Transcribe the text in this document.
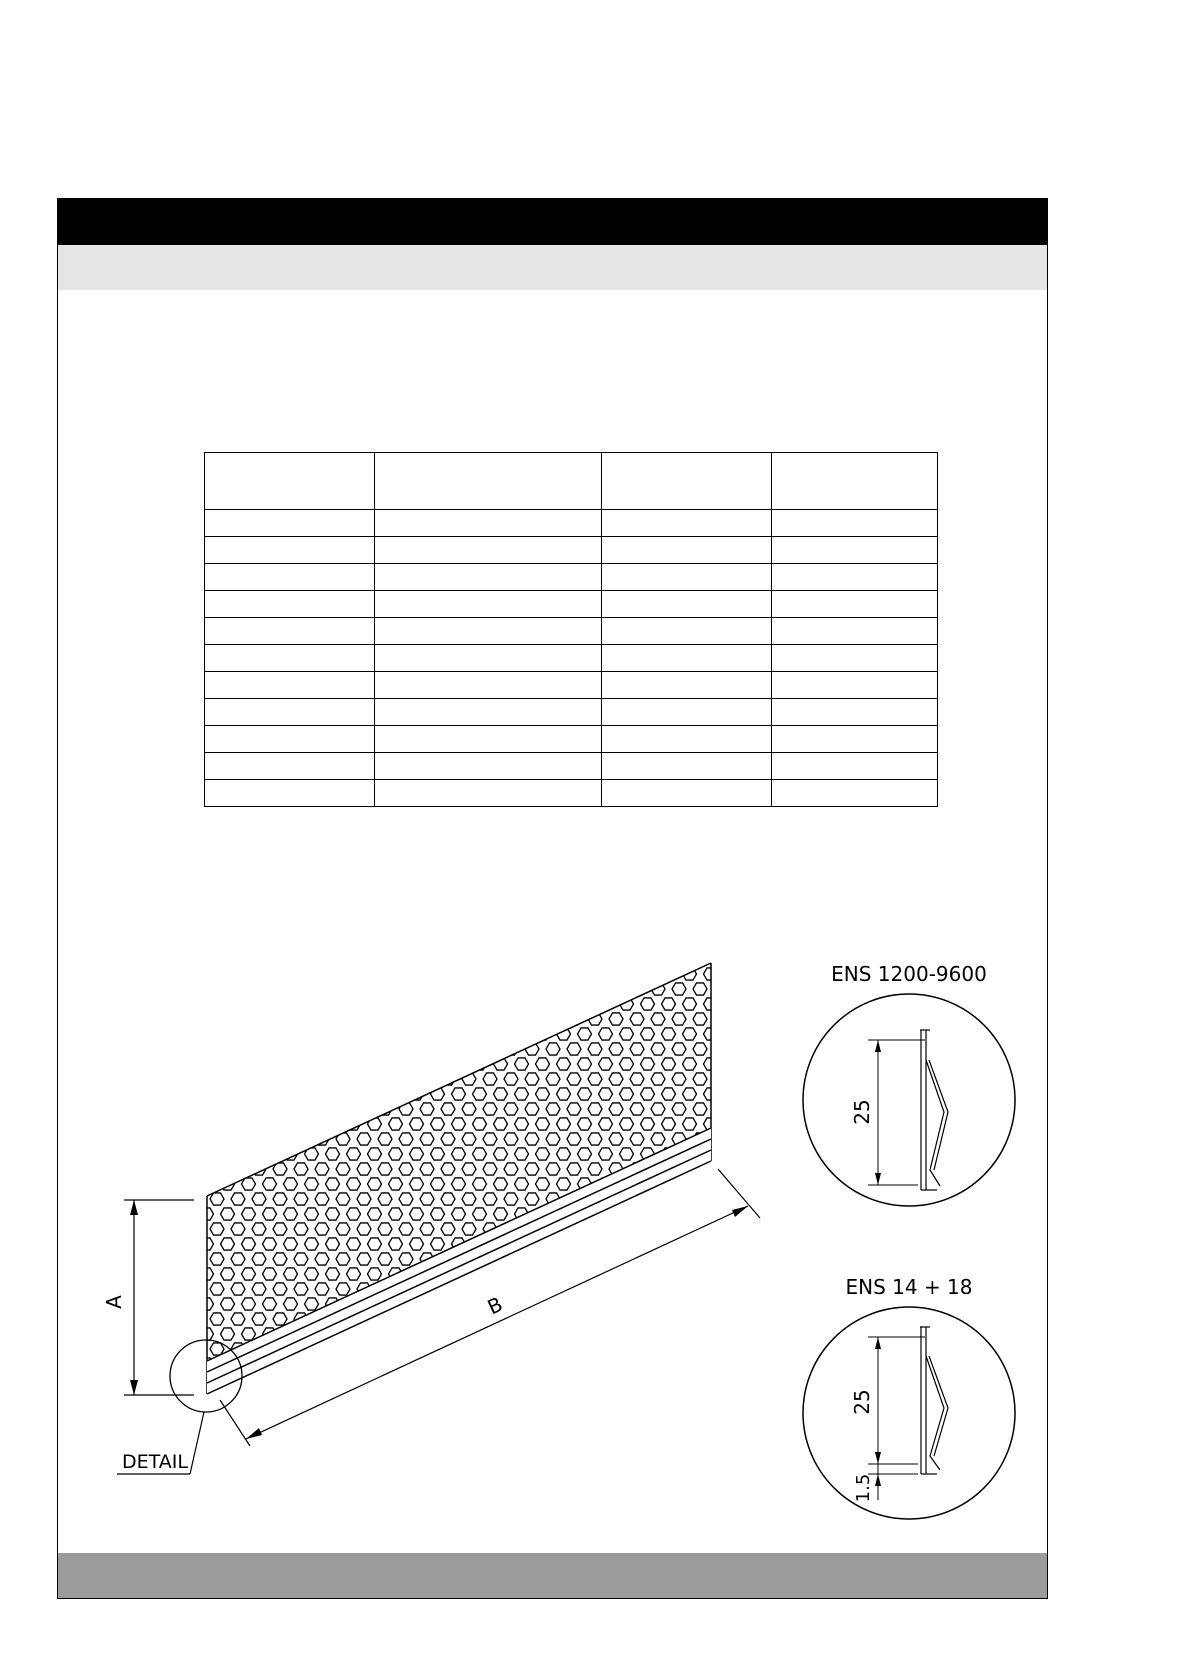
A	B
DETAIL
ENS 1200-9600
25
ENS 14 + 18
25
1.5
